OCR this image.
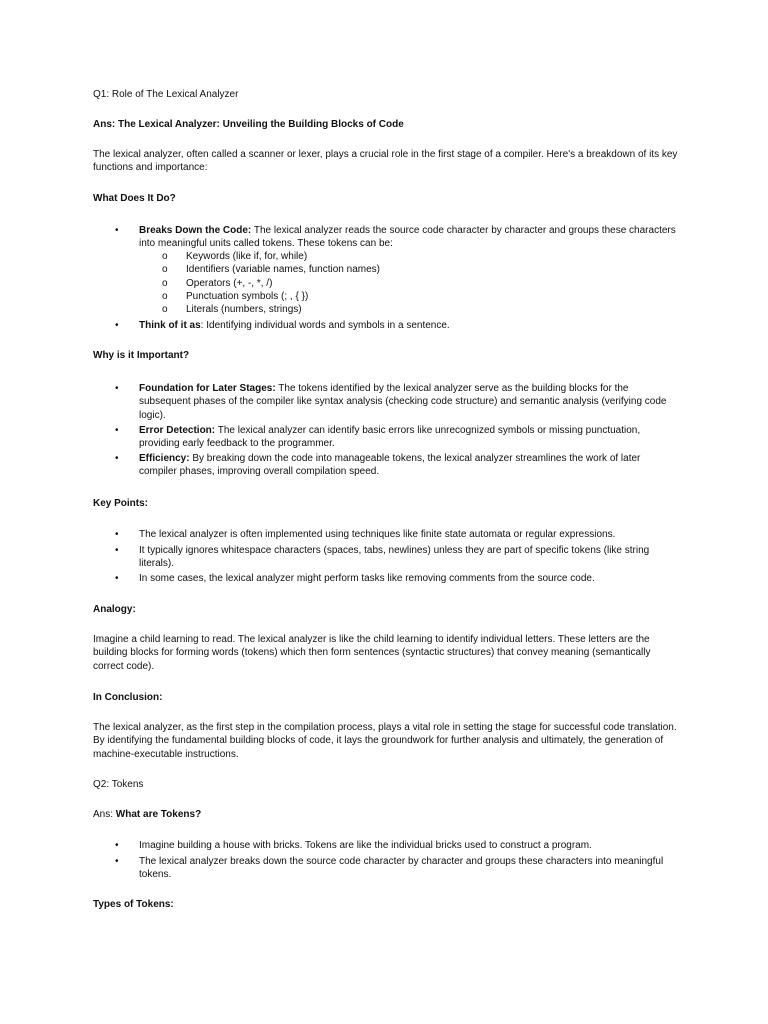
Q1: Role of The Lexical Analyzer
Ans: The Lexical Analyzer: Unveiling the Building Blocks of Code
The lexical analyzer, often called a scanner or lexer, plays a crucial role in the first stage of a compiler. Here's a breakdown of its key functions and importance:
What Does It Do?
•	Breaks Down the Code: The lexical analyzer reads the source code character by character and groups these characters into meaningful units called tokens. These tokens can be:
o	Keywords (like if, for, while)
o	Identifiers (variable names, function names)
o	Operators (+, -, *, /)
o	Punctuation symbols (; , { })
o	Literals (numbers, strings)
•	Think of it as: Identifying individual words and symbols in a sentence.
Why is it Important?
•	Foundation for Later Stages: The tokens identified by the lexical analyzer serve as the building blocks for the subsequent phases of the compiler like syntax analysis (checking code structure) and semantic analysis (verifying code logic).
•	Error Detection: The lexical analyzer can identify basic errors like unrecognized symbols or missing punctuation, providing early feedback to the programmer.
•	Efficiency: By breaking down the code into manageable tokens, the lexical analyzer streamlines the work of later compiler phases, improving overall compilation speed.
Key Points:
•	The lexical analyzer is often implemented using techniques like finite state automata or regular expressions.
•	It typically ignores whitespace characters (spaces, tabs, newlines) unless they are part of specific tokens (like string literals).
•	In some cases, the lexical analyzer might perform tasks like removing comments from the source code.
Analogy:
Imagine a child learning to read. The lexical analyzer is like the child learning to identify individual letters. These letters are the building blocks for forming words (tokens) which then form sentences (syntactic structures) that convey meaning (semantically correct code).
In Conclusion:
The lexical analyzer, as the first step in the compilation process, plays a vital role in setting the stage for successful code translation. By identifying the fundamental building blocks of code, it lays the groundwork for further analysis and ultimately, the generation of machine-executable instructions.
Q2: Tokens
Ans: What are Tokens?
•	Imagine building a house with bricks. Tokens are like the individual bricks used to construct a program.
•	The lexical analyzer breaks down the source code character by character and groups these characters into meaningful tokens.
Types of Tokens:
